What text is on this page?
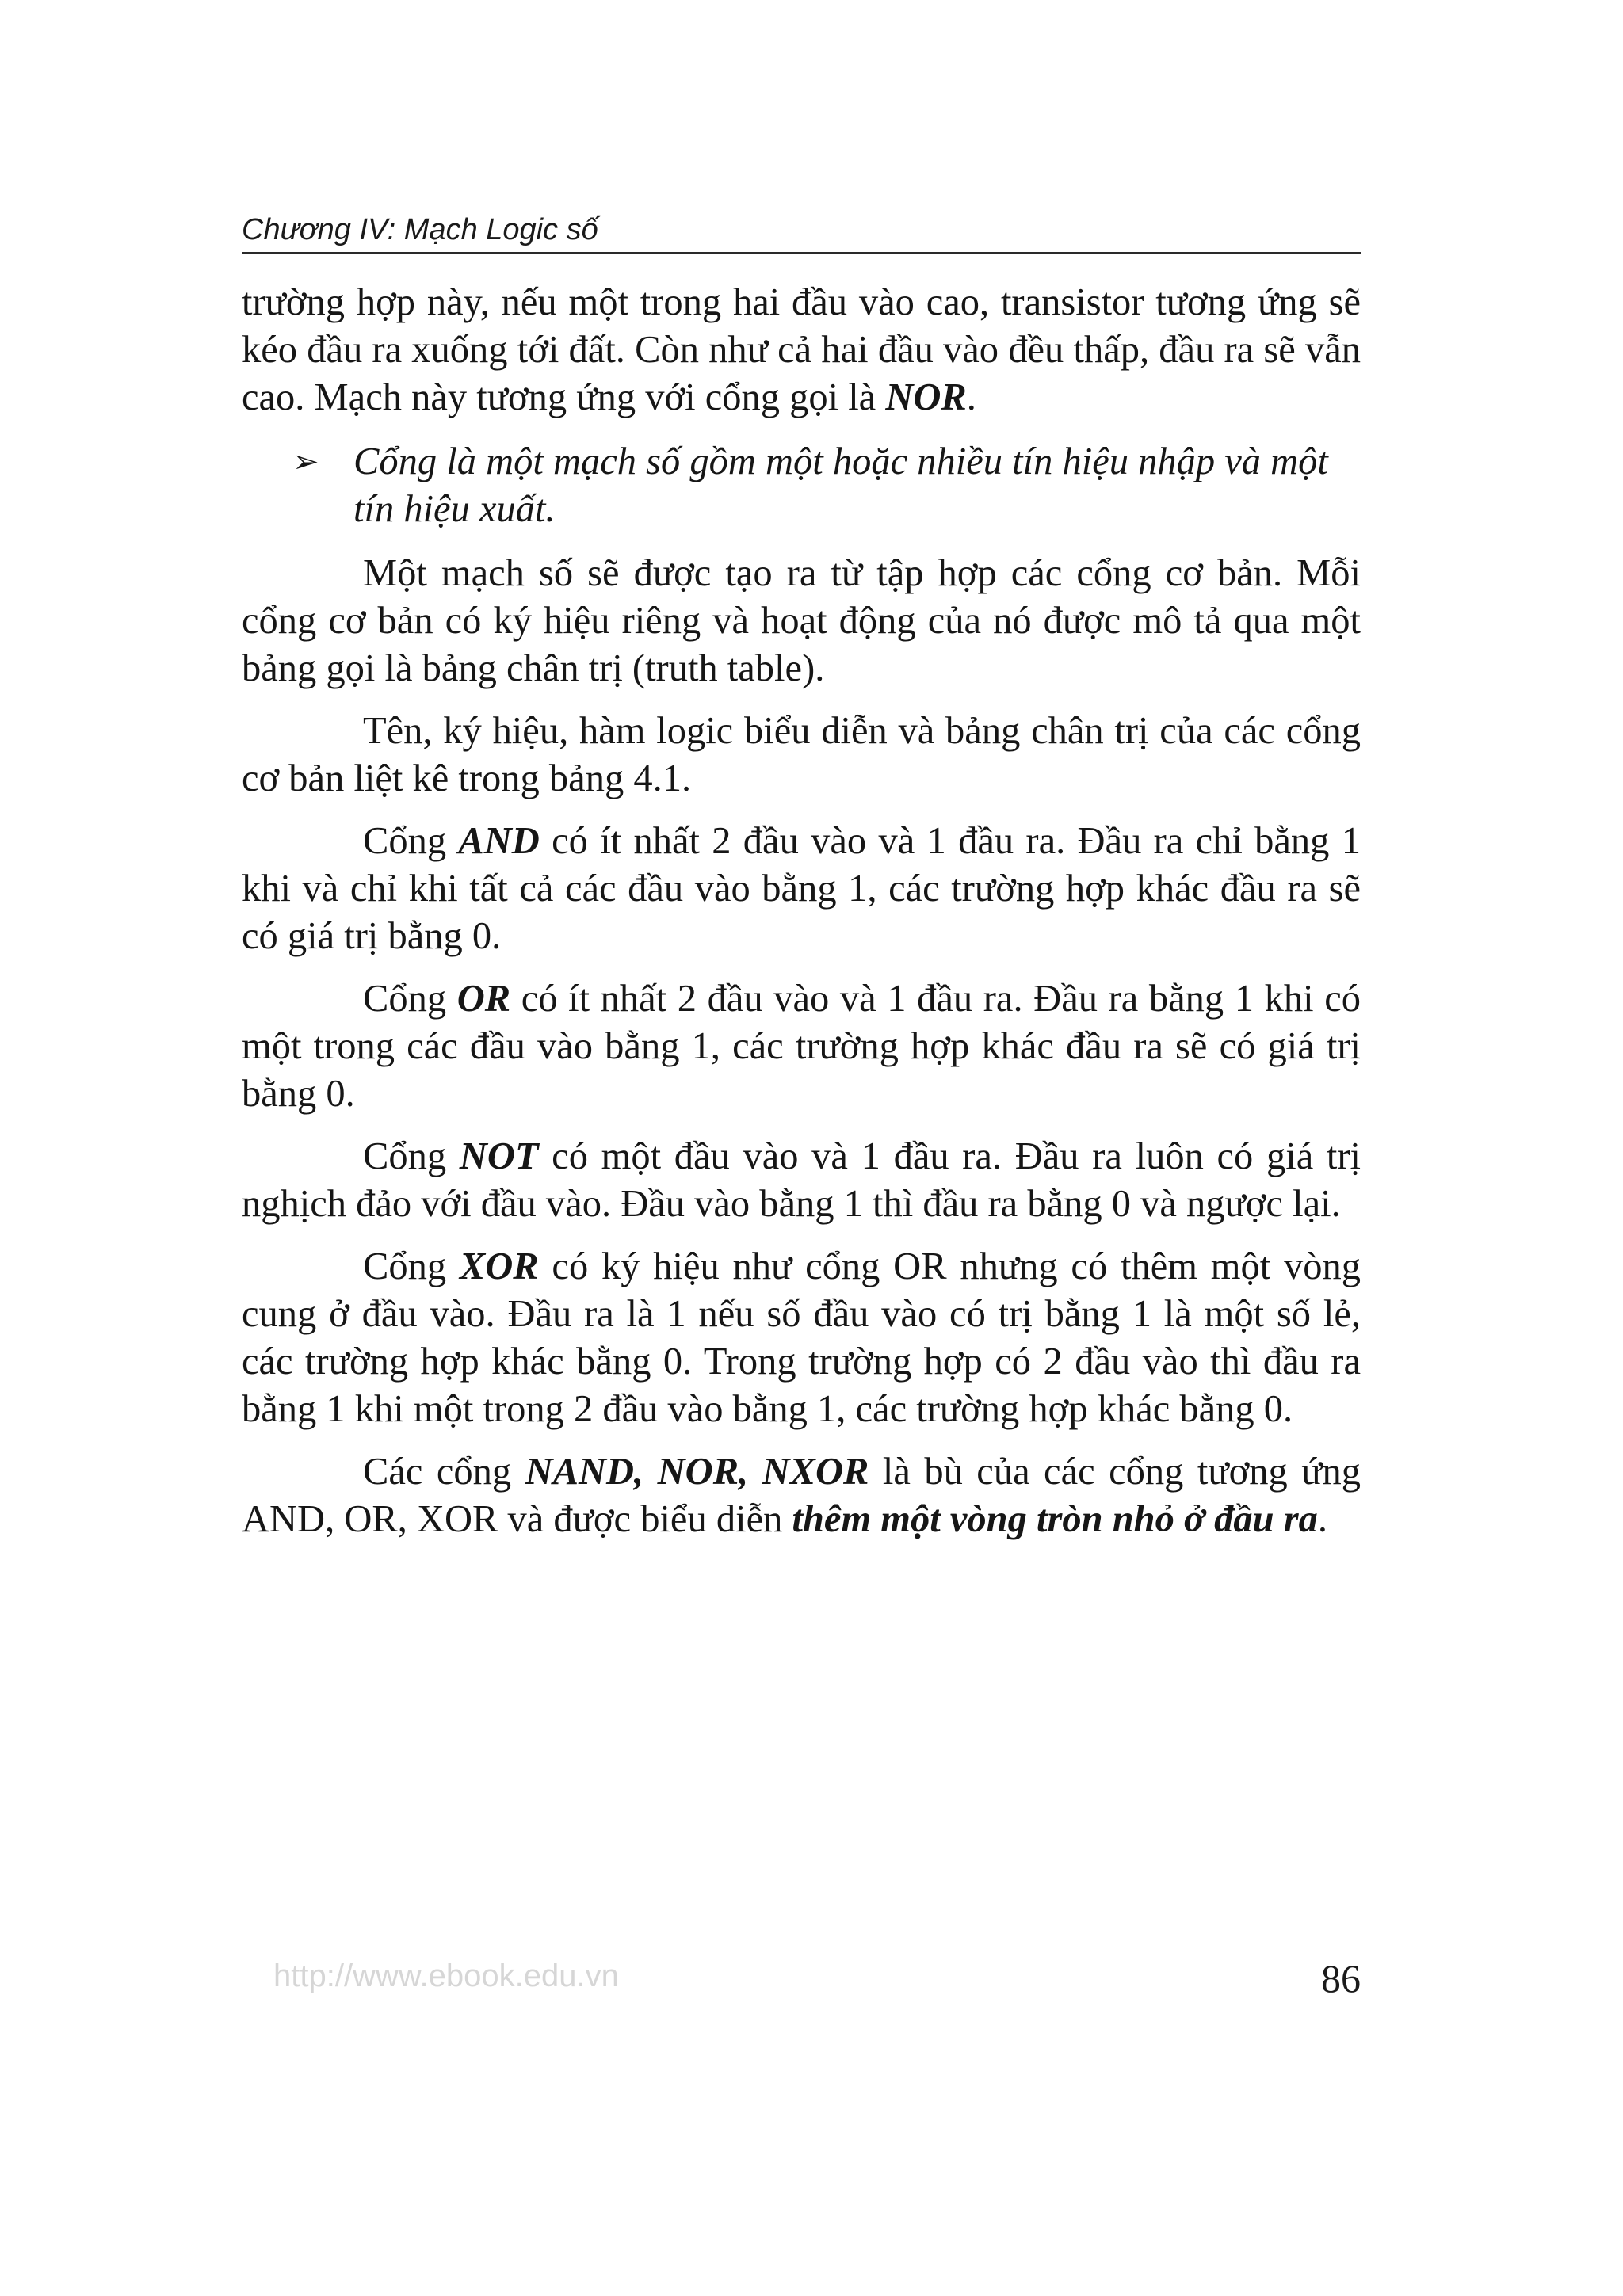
Chương IV: Mạch Logic số

trường hợp này, nếu một trong hai đầu vào cao, transistor tương ứng sẽ kéo đầu ra xuống tới đất. Còn như cả hai đầu vào đều thấp, đầu ra sẽ vẫn cao. Mạch này tương ứng với cổng gọi là NOR.

➢ Cổng là một mạch số gồm một hoặc nhiều tín hiệu nhập và một tín hiệu xuất.

Một mạch số sẽ được tạo ra từ tập hợp các cổng cơ bản. Mỗi cổng cơ bản có ký hiệu riêng và hoạt động của nó được mô tả qua một bảng gọi là bảng chân trị (truth table).

Tên, ký hiệu, hàm logic biểu diễn và bảng chân trị của các cổng cơ bản liệt kê trong bảng 4.1.

Cổng AND có ít nhất 2 đầu vào và 1 đầu ra. Đầu ra chỉ bằng 1 khi và chỉ khi tất cả các đầu vào bằng 1, các trường hợp khác đầu ra sẽ có giá trị bằng 0.

Cổng OR có ít nhất 2 đầu vào và 1 đầu ra. Đầu ra bằng 1 khi có một trong các đầu vào bằng 1, các trường hợp khác đầu ra sẽ có giá trị bằng 0.

Cổng NOT có một đầu vào và 1 đầu ra. Đầu ra luôn có giá trị nghịch đảo với đầu vào. Đầu vào bằng 1 thì đầu ra bằng 0 và ngược lại.

Cổng XOR có ký hiệu như cổng OR nhưng có thêm một vòng cung ở đầu vào. Đầu ra là 1 nếu số đầu vào có trị bằng 1 là một số lẻ, các trường hợp khác bằng 0. Trong trường hợp có 2 đầu vào thì đầu ra bằng 1 khi một trong 2 đầu vào bằng 1, các trường hợp khác bằng 0.

Các cổng NAND, NOR, NXOR là bù của các cổng tương ứng AND, OR, XOR và được biểu diễn thêm một vòng tròn nhỏ ở đầu ra.

http://www.ebook.edu.vn	86
